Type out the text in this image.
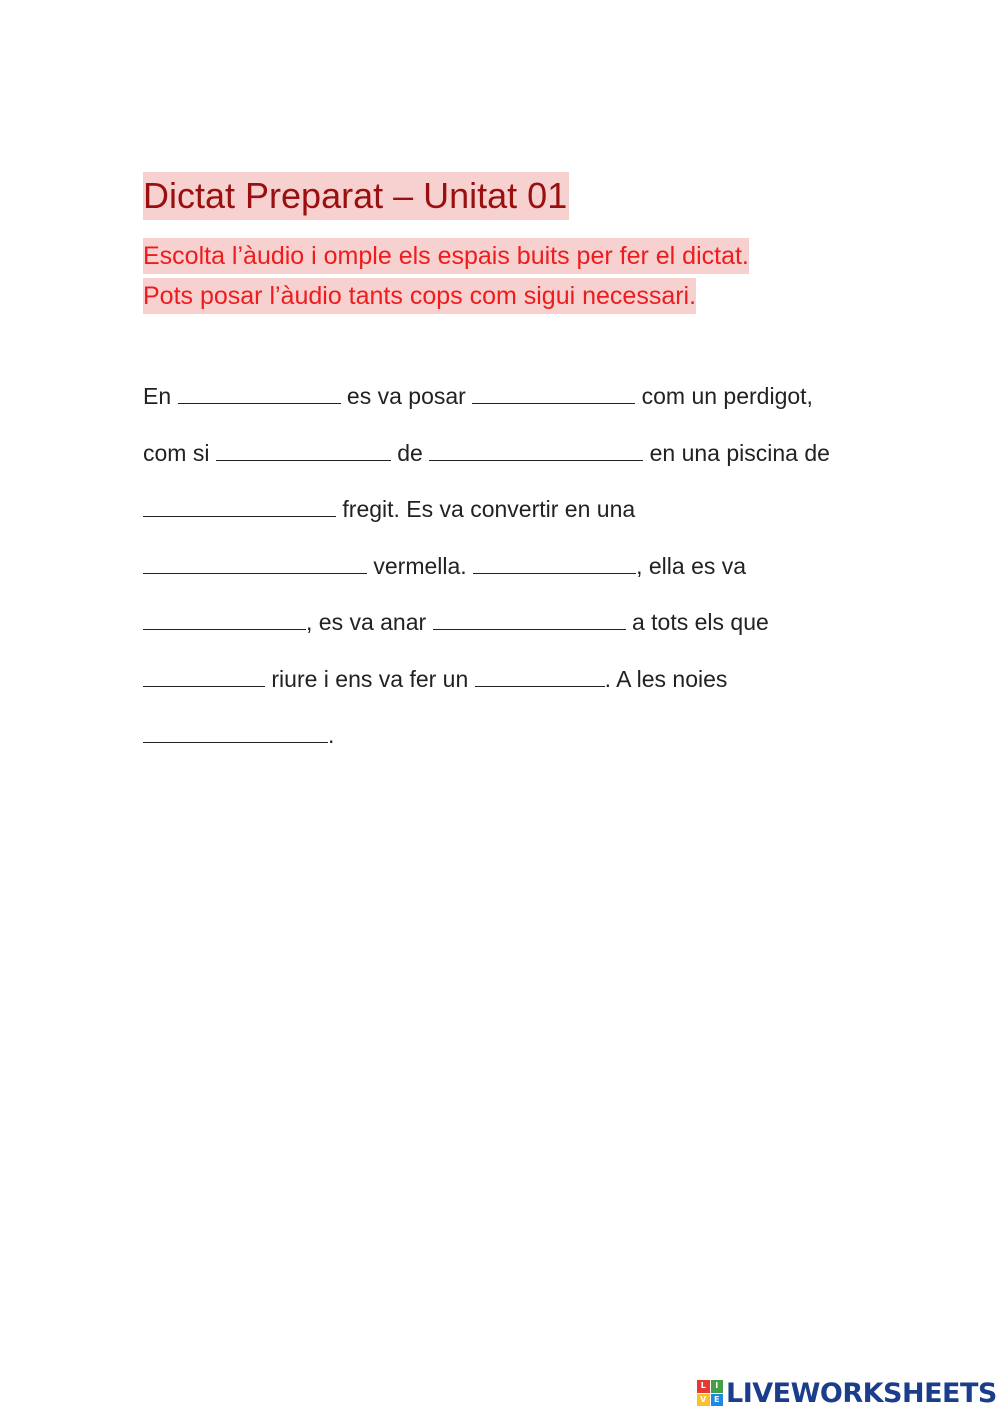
Dictat Preparat – Unitat 01
Escolta l’àudio i omple els espais buits per fer el dictat.
Pots posar l’àudio tants cops com sigui necessari.
En	es va posar	com un perdigot,
com si	de	en una piscina de
fregit. Es va convertir en una
vermella.	, ella es va
, es va anar	a tots els que
riure i ens va fer un	. A les noies
.
L	I
V E LIVEWORKSHEETS
